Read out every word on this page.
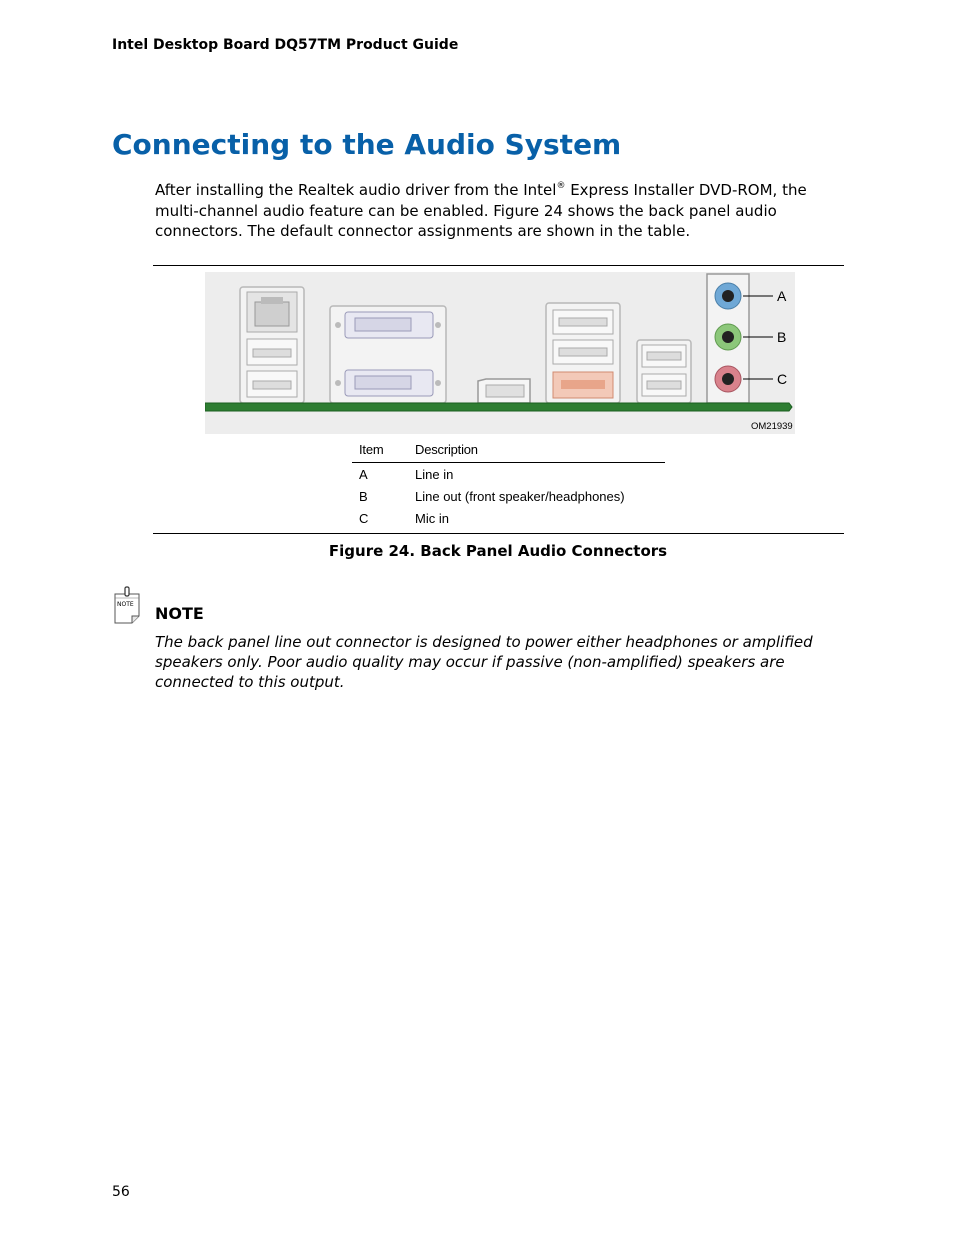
Intel Desktop Board DQ57TM Product Guide
Connecting to the Audio System

After installing the Realtek audio driver from the Intel® Express Installer DVD-ROM, the multi-channel audio feature can be enabled. Figure 24 shows the back panel audio connectors. The default connector assignments are shown in the table.

A
B
C
OM21939
Item	Description
A	Line in
B	Line out (front speaker/headphones)
C	Mic in
Figure 24. Back Panel Audio Connectors
NOTE NOTE

The back panel line out connector is designed to power either headphones or amplified speakers only. Poor audio quality may occur if passive (non-amplified) speakers are connected to this output.

56
